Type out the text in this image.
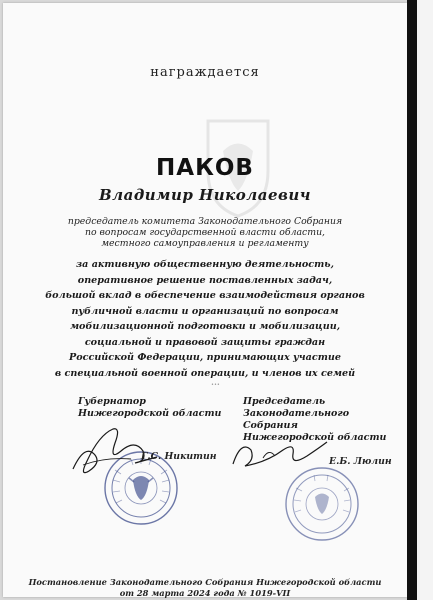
награждается
ПАКОВ
Владимир Николаевич
председатель комитета Законодательного Собрания
по вопросам государственной власти области,
местного самоуправления и регламенту
за активную общественную деятельность,
оперативное решение поставленных задач,
большой вклад в обеспечение взаимодействия органов
публичной власти и организаций по вопросам
мобилизационной подготовки и мобилизации,
социальной и правовой защиты граждан
Российской Федерации, принимающих участие
в специальной военной операции, и членов их семей
•••
Губернатор
Нижегородской области
Председатель
Законодательного Собрания
Нижегородской области
Г.С. Никитин	Е.Б. Люлин
Постановление Законодательного Собрания Нижегородской области
от 28 марта 2024 года № 1019-VII
